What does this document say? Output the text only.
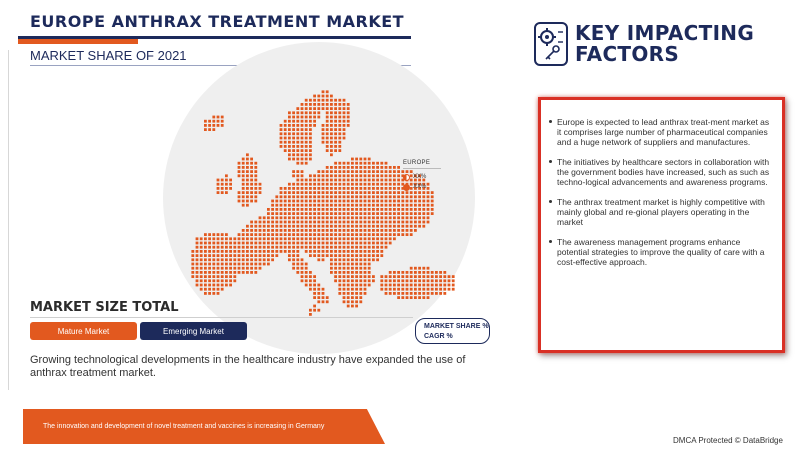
EUROPE ANTHRAX TREATMENT MARKET
MARKET SHARE OF 2021
EUROPE
XX%
XX%
MARKET SIZE TOTAL
Mature Market	Emerging Market	MARKET SHARE %
CAGR %
Growing technological developments in the healthcare industry have expanded the use of anthrax treatment market.
The innovation and development of novel treatment and vaccines is increasing in Germany
KEY IMPACTING
FACTORS
Europe is expected to lead anthrax treat-ment market as it comprises large number of pharmaceutical companies and a huge network of suppliers and manufactures.
The initiatives by healthcare sectors in collaboration with the government bodies have increased, such as such as techno-logical advancements and awareness programs.
The anthrax treatment market is highly competitive with mainly global and re-gional players operating in the market
The awareness management programs enhance potential strategies to improve the quality of care with a cost-effective approach.
DMCA Protected © DataBridge
